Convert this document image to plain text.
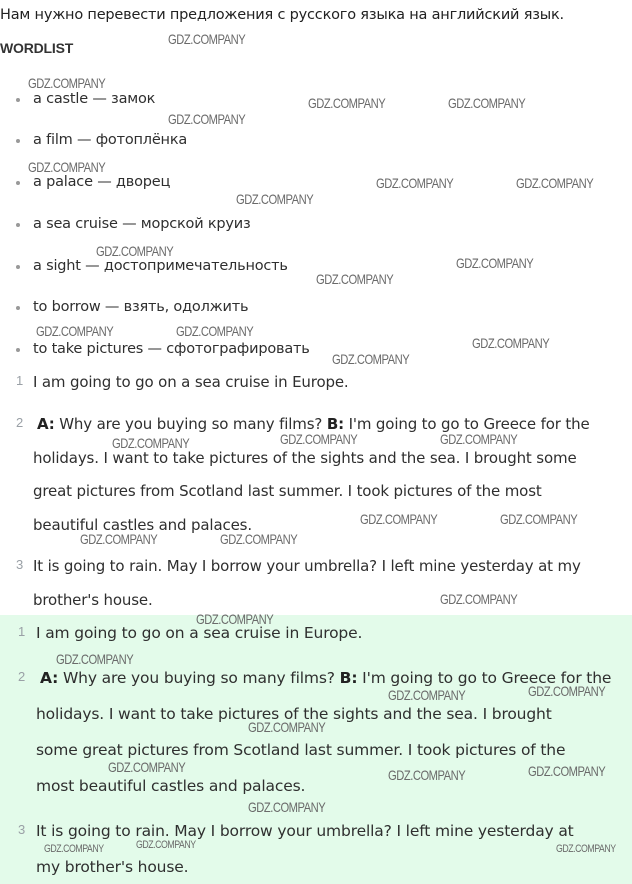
Нам нужно перевести предложения с русского языка на английский язык.
WORDLIST
a castle — замок
a film — фотоплёнка
a palace — дворец
a sea cruise — морской круиз
a sight — достопримечательность
to borrow — взять, одолжить
to take pictures — сфотографировать
1 I am going to go on a sea cruise in Europe.
2 A: Why are you buying so many films? B: I'm going to go to Greece for the
holidays. I want to take pictures of the sights and the sea. I brought some
great pictures from Scotland last summer. I took pictures of the most
beautiful castles and palaces.
3 It is going to rain. May I borrow your umbrella? I left mine yesterday at my
brother's house.
1 I am going to go on a sea cruise in Europe.
2 A: Why are you buying so many films? B: I'm going to go to Greece for the
holidays. I want to take pictures of the sights and the sea. I brought
some great pictures from Scotland last summer. I took pictures of the
most beautiful castles and palaces.
3 It is going to rain. May I borrow your umbrella? I left mine yesterday at
my brother's house.
GDZ.COMPANY
GDZ.COMPANY
GDZ.COMPANY	GDZ.COMPANY
GDZ.COMPANY
GDZ.COMPANY
GDZ.COMPANY	GDZ.COMPANY
GDZ.COMPANY
GDZ.COMPANY
GDZ.COMPANY
GDZ.COMPANY
GDZ.COMPANY	GDZ.COMPANY
GDZ.COMPANY
GDZ.COMPANY
GDZ.COMPANY	GDZ.COMPANY
GDZ.COMPANY
GDZ.COMPANY	GDZ.COMPANY
GDZ.COMPANY	GDZ.COMPANY
GDZ.COMPANY
GDZ.COMPANY
GDZ.COMPANY
GDZ.COMPANY
GDZ.COMPANY
GDZ.COMPANY
GDZ.COMPANY	GDZ.COMPANY
GDZ.COMPANY
GDZ.COMPANY
GDZ.COMPANY	GDZ.COMPANY	GDZ.COMPANY
